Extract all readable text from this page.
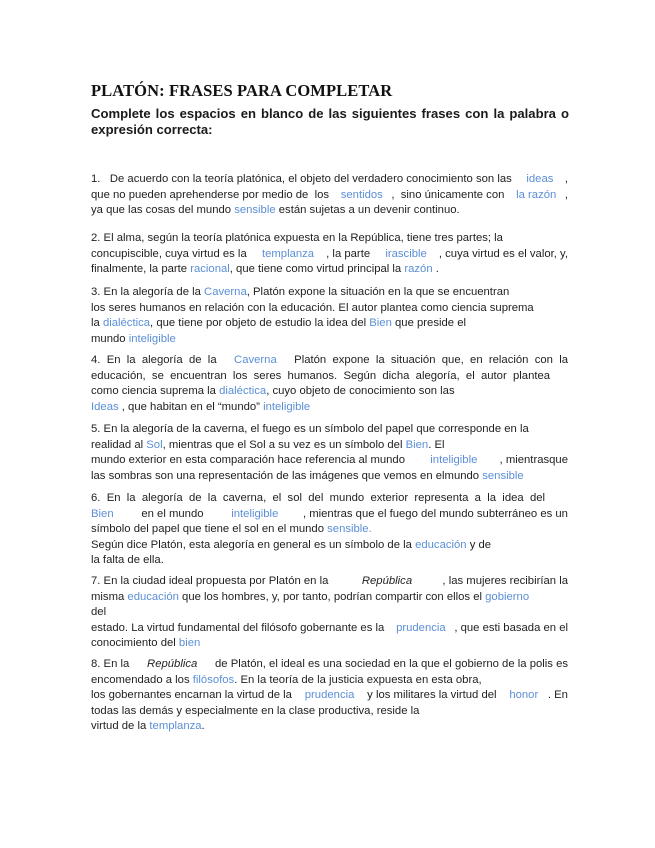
PLATÓN: FRASES PARA COMPLETAR
Complete los espacios en blanco de las siguientes frases con la palabra o expresión correcta:
1.   De acuerdo con la teoría platónica, el objeto del verdadero conocimiento son las ideas ,
que no pueden aprehenderse por medio de  los sentidos ,  sino únicamente con la razón ,
ya que las cosas del mundo sensible están sujetas a un devenir continuo.
2. El alma, según la teoría platónica expuesta en la República, tiene tres partes; la
concupiscible, cuya virtud es la templanza , la parte irascible , cuya virtud es el valor, y,
finalmente, la parte racional, que tiene como virtud principal la razón .
3. En la alegoría de la Caverna, Platón expone la situación en la que se encuentran
los seres humanos en relación con la educación. El autor plantea como ciencia suprema
la dialéctica, que tiene por objeto de estudio la idea del Bien que preside el
mundo inteligible
4.  En  la  alegoría  de  la Caverna Platón  expone  la  situación  que,  en  relación  con  la
educación,  se  encuentran  los  seres  humanos.  Según  dicha  alegoría,  el  autor  plantea
como ciencia suprema la dialéctica, cuyo objeto de conocimiento son las
Ideas , que habitan en el “mundo” inteligible
5. En la alegoría de la caverna, el fuego es un símbolo del papel que corresponde en la
realidad al Sol, mientras que el Sol a su vez es un símbolo del Bien. El
mundo exterior en esta comparación hace referencia al mundo inteligible , mientrasque
las sombras son una representación de las imágenes que vemos en elmundo sensible
6.  En  la  alegoría  de  la  caverna,  el  sol  del  mundo  exterior  representa  a  la  idea  del
Bien en el mundo inteligible , mientras que el fuego del mundo subterráneo es un
símbolo del papel que tiene el sol en el mundo sensible.
Según dice Platón, esta alegoría en general es un símbolo de la educación y de
la falta de ella.
7. En la ciudad ideal propuesta por Platón en la	República	, las mujeres recibirían la
misma educación que los hombres, y, por tanto, podrían compartir con ellos el gobierno
del
estado. La virtud fundamental del filósofo gobernante es la prudencia , que esti basada en el
conocimiento del bien
8. En la República de Platón, el ideal es una sociedad en la que el gobierno de la polis es
encomendado a los filósofos. En la teoría de la justicia expuesta en esta obra,
los gobernantes encarnan la virtud de la prudencia y los militares la virtud del honor . En
todas las demás y especialmente en la clase productiva, reside la
virtud de la templanza.
